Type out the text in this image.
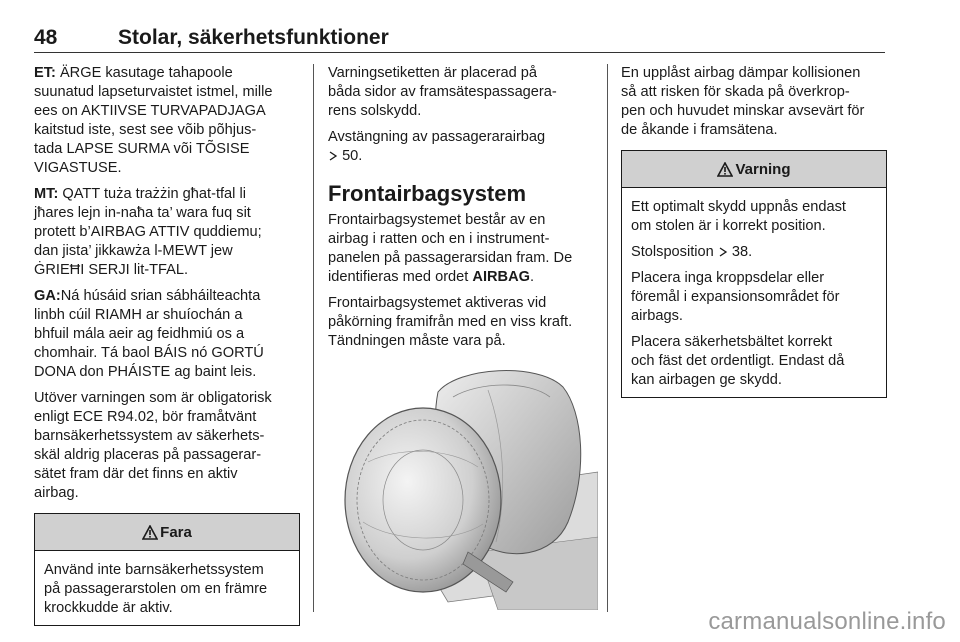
48	Stolar, säkerhetsfunktioner

ET: ÄRGE kasutage tahapoole
suunatud lapseturvaistet istmel, mille
ees on AKTIIVSE TURVAPADJAGA
kaitstud iste, sest see võib põhjus-
tada LAPSE SURMA või TÕSISE
VIGASTUSE.

MT: QATT tuża trażżin għat-tfal li
jħares lejn in-naħa ta’ wara fuq sit
protett b’AIRBAG ATTIV quddiemu;
dan jista’ jikkawża l-MEWT jew
ĠRIEĦI SERJI lit-TFAL.

GA:Ná húsáid srian sábháilteachta
linbh cúil RIAMH ar shuíochán a
bhfuil mála aeir ag feidhmiú os a
chomhair. Tá baol BÁIS nó GORTÚ
DONA don PHÁISTE ag baint leis.

Utöver varningen som är obligatorisk
enligt ECE R94.02, bör framåtvänt
barnsäkerhetssystem av säkerhets-
skäl aldrig placeras på passagerar-
sätet fram där det finns en aktiv
airbag.

Fara
Använd inte barnsäkerhetssystem
på passagerarstolen om en främre
krockkudde är aktiv.

Varningsetiketten är placerad på
båda sidor av framsätespassagera-
rens solskydd.

Avstängning av passagerarairbag
50.

Frontairbagsystem

Frontairbagsystemet består av en
airbag i ratten och en i instrument-
panelen på passagerarsidan fram. De
identifieras med ordet AIRBAG.

Frontairbagsystemet aktiveras vid
påkörning framifrån med en viss kraft.
Tändningen måste vara på.

En upplåst airbag dämpar kollisionen
så att risken för skada på överkrop-
pen och huvudet minskar avsevärt för
de åkande i framsätena.

Varning

Ett optimalt skydd uppnås endast
om stolen är i korrekt position.

Stolsposition  38.

Placera inga kroppsdelar eller
föremål i expansionsområdet för
airbags.

Placera säkerhetsbältet korrekt
och fäst det ordentligt. Endast då
kan airbagen ge skydd.

carmanualsonline.info
